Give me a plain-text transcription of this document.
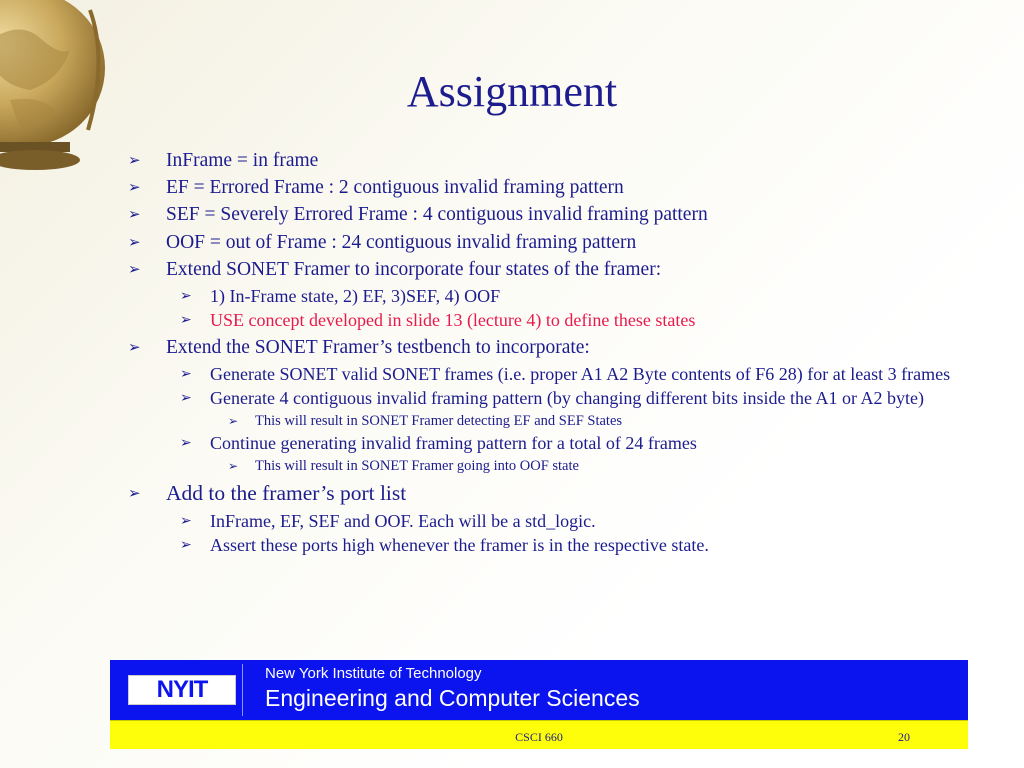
Assignment
➢ InFrame = in frame
➢ EF = Errored Frame : 2 contiguous invalid framing pattern
➢ SEF = Severely Errored Frame : 4 contiguous invalid framing pattern
➢ OOF = out of Frame : 24 contiguous invalid framing pattern
➢ Extend SONET Framer to incorporate four states of the framer:
➢ 1) In-Frame state, 2) EF, 3)SEF, 4) OOF
➢ USE concept developed in slide 13 (lecture 4) to define these states
➢ Extend the SONET Framer’s testbench to incorporate:
➢ Generate SONET valid SONET frames (i.e. proper A1 A2 Byte contents of F6 28) for at least 3 frames
➢ Generate 4 contiguous invalid framing pattern (by changing different bits inside the A1 or A2 byte)
➢ This will result in SONET Framer detecting EF and SEF States
➢ Continue generating invalid framing pattern for a total of 24 frames
➢ This will result in SONET Framer going into OOF state
➢ Add to the framer’s port list
➢ InFrame, EF, SEF and OOF. Each will be a std_logic.
➢ Assert these ports high whenever the framer is in the respective state.
NYIT
New York Institute of Technology
Engineering and Computer Sciences
CSCI 660	20
